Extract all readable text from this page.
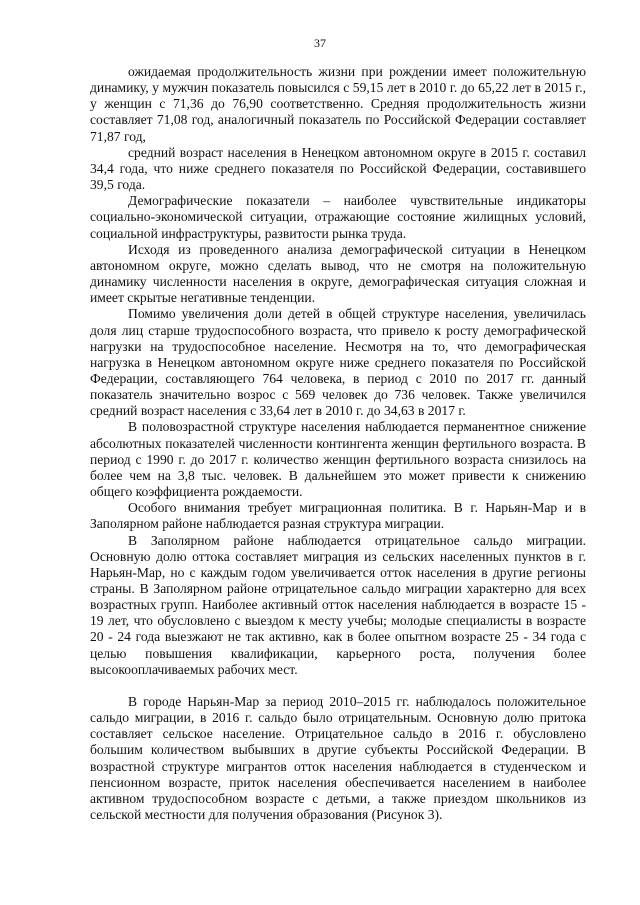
37

ожидаемая продолжительность жизни при рождении имеет положительную динамику, у мужчин показатель повысился с 59,15 лет в 2010 г. до 65,22 лет в 2015 г., у женщин с 71,36 до 76,90 соответственно. Средняя продолжительность жизни составляет 71,08 год, аналогичный показатель по Российской Федерации составляет 71,87 год,

средний возраст населения в Ненецком автономном округе в 2015 г. составил 34,4 года, что ниже среднего показателя по Российской Федерации, составившего 39,5 года.

Демографические показатели – наиболее чувствительные индикаторы социально-экономической ситуации, отражающие состояние жилищных условий, социальной инфраструктуры, развитости рынка труда.

Исходя из проведенного анализа демографической ситуации в Ненецком автономном округе, можно сделать вывод, что не смотря на положительную динамику численности населения в округе, демографическая ситуация сложная и имеет скрытые негативные тенденции.

Помимо увеличения доли детей в общей структуре населения, увеличилась доля лиц старше трудоспособного возраста, что привело к росту демографической нагрузки на трудоспособное население. Несмотря на то, что демографическая нагрузка в Ненецком автономном округе ниже среднего показателя по Российской Федерации, составляющего 764 человека, в период с 2010 по 2017 гг. данный показатель значительно возрос с 569 человек до 736 человек. Также увеличился средний возраст населения с 33,64 лет в 2010 г. до 34,63 в 2017 г.

В половозрастной структуре населения наблюдается перманентное снижение абсолютных показателей численности контингента женщин фертильного возраста. В период с 1990 г. до 2017 г. количество женщин фертильного возраста снизилось на более чем на 3,8 тыс. человек. В дальнейшем это может привести к снижению общего коэффициента рождаемости.

Особого внимания требует миграционная политика. В г. Нарьян-Мар и в Заполярном районе наблюдается разная структура миграции.

В Заполярном районе наблюдается отрицательное сальдо миграции. Основную долю оттока составляет миграция из сельских населенных пунктов в г. Нарьян-Мар, но с каждым годом увеличивается отток населения в другие регионы страны. В Заполярном районе отрицательное сальдо миграции характерно для всех возрастных групп. Наиболее активный отток населения наблюдается в возрасте 15 - 19 лет, что обусловлено с выездом к месту учебы; молодые специалисты в возрасте 20 - 24 года выезжают не так активно, как в более опытном возрасте 25 - 34 года с целью повышения квалификации, карьерного роста, получения более высокооплачиваемых рабочих мест.

В городе Нарьян-Мар за период 2010–2015 гг. наблюдалось положительное сальдо миграции, в 2016 г. сальдо было отрицательным. Основную долю притока составляет сельское население. Отрицательное сальдо в 2016 г. обусловлено большим количеством выбывших в другие субъекты Российской Федерации. В возрастной структуре мигрантов отток населения наблюдается в студенческом и пенсионном возрасте, приток населения обеспечивается населением в наиболее активном трудоспособном возрасте с детьми, а также приездом школьников из сельской местности для получения образования (Рисунок 3).
